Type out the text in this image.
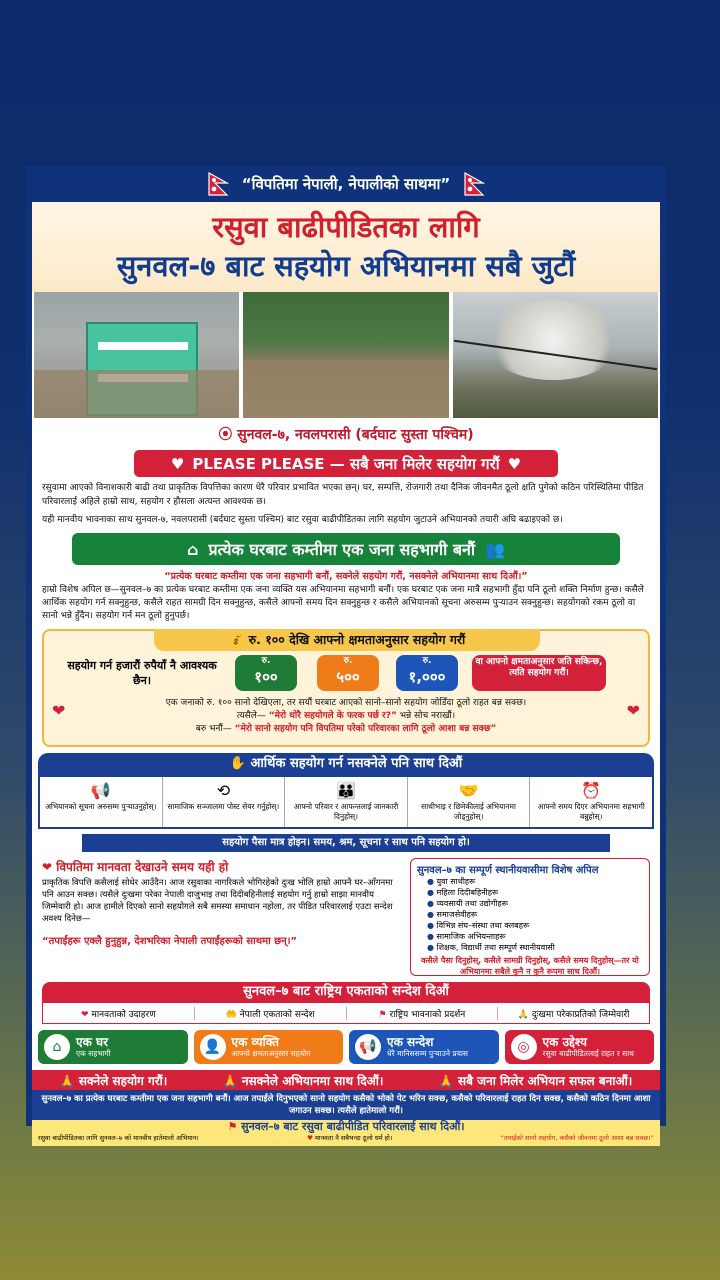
“विपतिमा नेपाली, नेपालीको साथमा”
रसुवा बाढीपीडितका लागि
सुनवल-७ बाट सहयोग अभियानमा सबै जुटौं
⦿ सुनवल-७, नवलपरासी (बर्दघाट सुस्ता पश्चिम)
♥ PLEASE PLEASE — सबै जना मिलेर सहयोग गरौं ♥
रसुवामा आएको विनाशकारी बाढी तथा प्राकृतिक विपत्तिका कारण धेरै परिवार प्रभावित भएका छन्। घर, सम्पत्ति, रोजगारी तथा दैनिक जीवनमैत ठूलो क्षति पुगेको कठिन परिस्थितिमा पीडित परिवारलाई अहिले हाम्रो साथ, सहयोग र हौसला अत्यन्त आवश्यक छ।
यही मानवीय भावनाका साथ सुनवल-७, नवलपरासी (बर्दघाट सुस्ता पश्चिम) बाट रसुवा बाढीपीडितका लागि सहयोग जुटाउने अभियानको तयारी अघि बढाइएको छ।
⌂ प्रत्येक घरबाट कम्तीमा एक जना सहभागी बनौं 👥
“प्रत्येक घरबाट कम्तीमा एक जना सहभागी बनौं, सक्नेले सहयोग गरौं, नसक्नेले अभियानमा साथ दिऔं।”
हाम्रो विशेष अपिल छ—सुनवल–७ का प्रत्येक घरबाट कम्तीमा एक जना व्यक्ति यस अभियानमा सहभागी बनौं। एक घरबाट एक जना मात्रै सहभागी हुँदा पनि ठूलो शक्ति निर्माण हुन्छ। कसैले आर्थिक सहयोग गर्न सक्नुहुन्छ, कसैले राहत सामग्री दिन सक्नुहुन्छ, कसैले आफ्नो समय दिन सक्नुहुन्छ र कसैले अभियानको सूचना अरुसम्म पुर्‍याउन सक्नुहुन्छ। सहयोगको रकम ठूलो वा सानो भन्ने हुँदैन। सहयोग गर्न मन ठूलो हुनुपर्छ।
💰 रु. १०० देखि आफ्नो क्षमताअनुसार सहयोग गरौं
सहयोग गर्न हजारौं रुपैयाँ नै आवश्यक छैन।
रु.
१००
रु.
५००
रु.
१,०००
वा आफ्नो क्षमताअनुसार जति सकिन्छ, त्यति सहयोग गरौं।
एक जनाको रु. १०० सानो देखिएला, तर सयौं घरबाट आएको सानो–सानो सहयोग जोडिँदा ठूलो राहत बन्न सक्छ।
त्यसैले— “मेरो थोरै सहयोगले के फरक पर्छ र?” भन्ने सोच नराखौं।
बरु भनौं— “मेरो सानो सहयोग पनि विपतिमा परेको परिवारका लागि ठूलो आशा बन्न सक्छ”
❤	❤
✋ आर्थिक सहयोग गर्न नसक्नेले पनि साथ दिऔं
📢
अभियानको सूचना अरुसम्म पुर्‍याउनुहोस्।
⟲
सामाजिक सञ्जालमा पोस्ट सेयर गर्नुहोस्।
👪
आफ्नो परिवार र आफन्तलाई जानकारी दिनुहोस्।
🤝
साथीभाइ र छिमेकीलाई अभियानमा जोड्नुहोस्।
⏰
आफ्नो समय दिएर अभियानमा सहभागी बन्नुहोस्।
सहयोग पैसा मात्र होइन। समय, श्रम, सूचना र साथ पनि सहयोग हो।
❤ विपतिमा मानवता देखाउने समय यही हो
प्राकृतिक विपत्ति कसैलाई सोधेर आउँदैन। आज रसुवाका नागरिकले भोगिरहेको दुःख भोलि हाम्रो आफ्नै घर–आँगनमा पनि आउन सक्छ। त्यसैले दुःखमा परेका नेपाली दाजुभाइ तथा दिदीबहिनीलाई सहयोग गर्नु हाम्रो साझा मानवीय जिम्मेवारी हो। आज हामीले दिएको सानो सहयोगले सबै समस्या समाधान नहोला, तर पीडित परिवारलाई एउटा सन्देश अवश्य दिनेछ—
“तपाईंहरू एक्लै हुनुहुन्न, देशभरिका नेपाली तपाईंहरूको साथमा छन्।”
सुनवल–७ का सम्पूर्ण स्थानीयवासीमा विशेष अपिल
● युवा साथीहरू
● महिला दिदीबहिनीहरू
● व्यवसायी तथा उद्योगीहरू
● समाजसेवीहरू
● विभिन्न संघ–संस्था तथा क्लबहरू
● सामाजिक अभियन्ताहरू
● शिक्षक, विद्यार्थी तथा सम्पूर्ण स्थानीयवासी
कसैले पैसा दिनुहोस्, कसैले सामग्री दिनुहोस्, कसैले समय दिनुहोस्—तर यो अभियानमा सबैले कुनै न कुनै रूपमा साथ दिऔं।
सुनवल–७ बाट राष्ट्रिय एकताको सन्देश दिऔं
❤ मानवताको उदाहरण	🤲 नेपाली एकताको सन्देश	⚑ राष्ट्रिय भावनाको प्रदर्शन	🙏 दुःखमा परेकाप्रतिको जिम्मेवारी
⌂	एक घर
एक सहभागी	👤 एक व्यक्ति
आफ्नो क्षमताअनुसार सहयोग	📢 एक सन्देश
धेरै मानिससम्म पुर्‍याउने प्रयास	◎	एक उद्देश्य
रसुवा बाढीपीडितलाई राहत र साथ
🙏 सक्नेले सहयोग गरौं।	🙏 नसक्नेले अभियानमा साथ दिऔं।	🙏 सबै जना मिलेर अभियान सफल बनाऔं।
सुनवल–७ का प्रत्येक घरबाट कम्तीमा एक जना सहभागी बनौं। आज तपाईंले दिनुभएको सानो सहयोग कसैको भोको पेट भरिन सक्छ, कसैको परिवारलाई राहत दिन सक्छ, कसैको कठिन दिनमा आशा जगाउन सक्छ। त्यसैले हातेमालो गरौं।
⚑ सुनवल–७ बाट रसुवा बाढीपीडित परिवारलाई साथ दिऔं।
रसुवा बाढीपीडितका लागि सुनवल–७ को मानवीय हातेमालो अभियान।	♥ मानवता नै सबैभन्दा ठूलो धर्म हो।	“तपाईंको सानो सहयोग, कसैको जीवनमा ठूलो आशा बन्न सक्छ।”
